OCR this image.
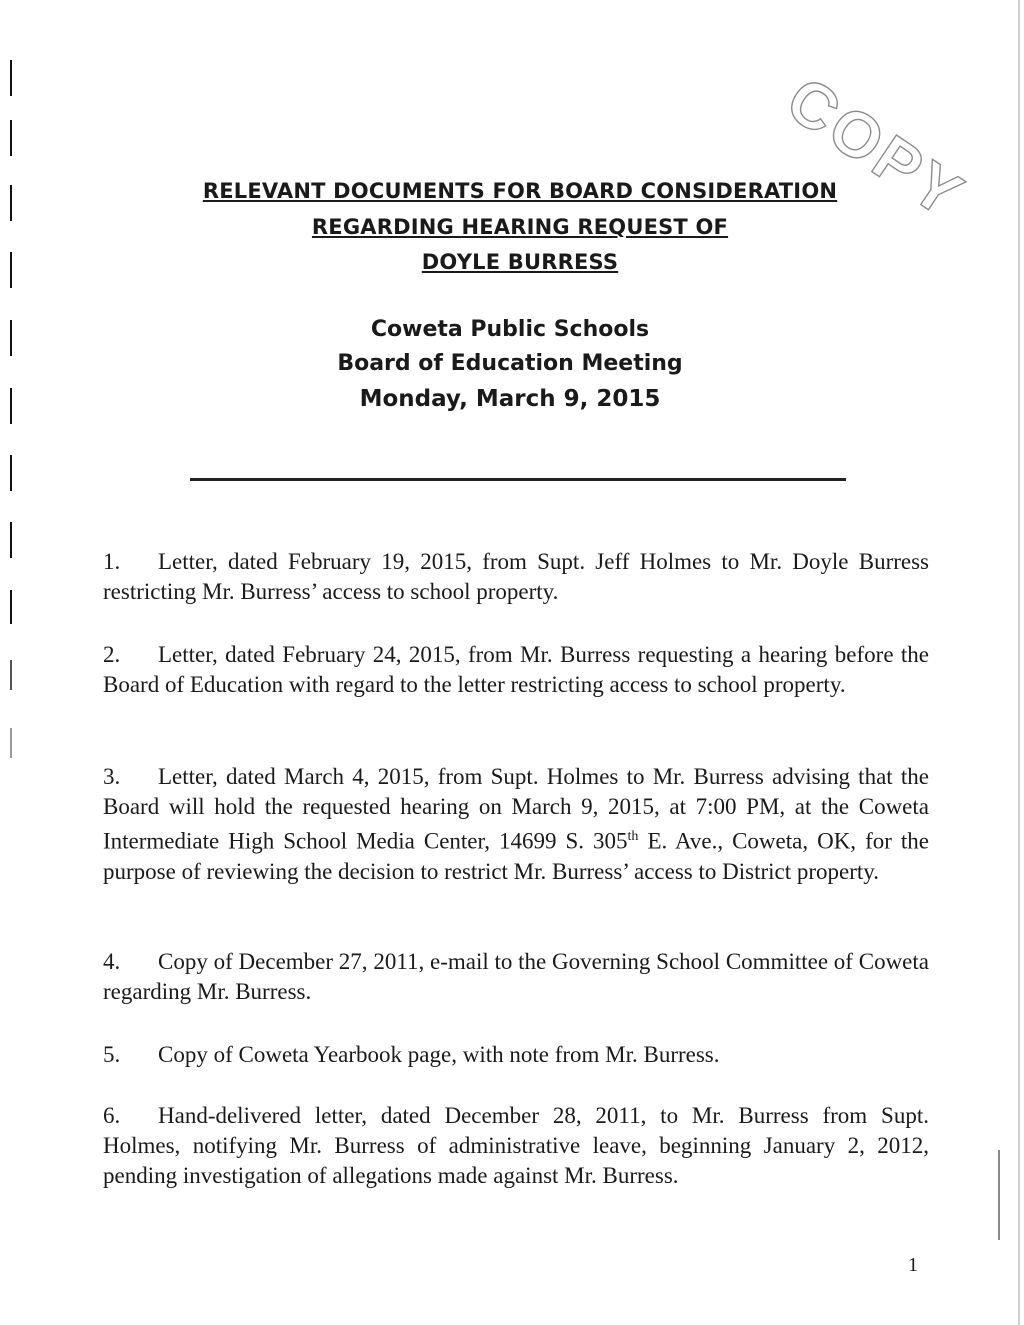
COPY
RELEVANT DOCUMENTS FOR BOARD CONSIDERATION
REGARDING HEARING REQUEST OF
DOYLE BURRESS
Coweta Public Schools
Board of Education Meeting
Monday, March 9, 2015
1. Letter, dated February 19, 2015, from Supt. Jeff Holmes to Mr. Doyle Burress restricting Mr. Burress’ access to school property.
2. Letter, dated February 24, 2015, from Mr. Burress requesting a hearing before the Board of Education with regard to the letter restricting access to school property.
3. Letter, dated March 4, 2015, from Supt. Holmes to Mr. Burress advising that the Board will hold the requested hearing on March 9, 2015, at 7:00 PM, at the Coweta Intermediate High School Media Center, 14699 S. 305th E. Ave., Coweta, OK, for the purpose of reviewing the decision to restrict Mr. Burress’ access to District property.
4. Copy of December 27, 2011, e-mail to the Governing School Committee of Coweta regarding Mr. Burress.
5. Copy of Coweta Yearbook page, with note from Mr. Burress.
6. Hand-delivered letter, dated December 28, 2011, to Mr. Burress from Supt. Holmes, notifying Mr. Burress of administrative leave, beginning January 2, 2012, pending investigation of allegations made against Mr. Burress.
1
